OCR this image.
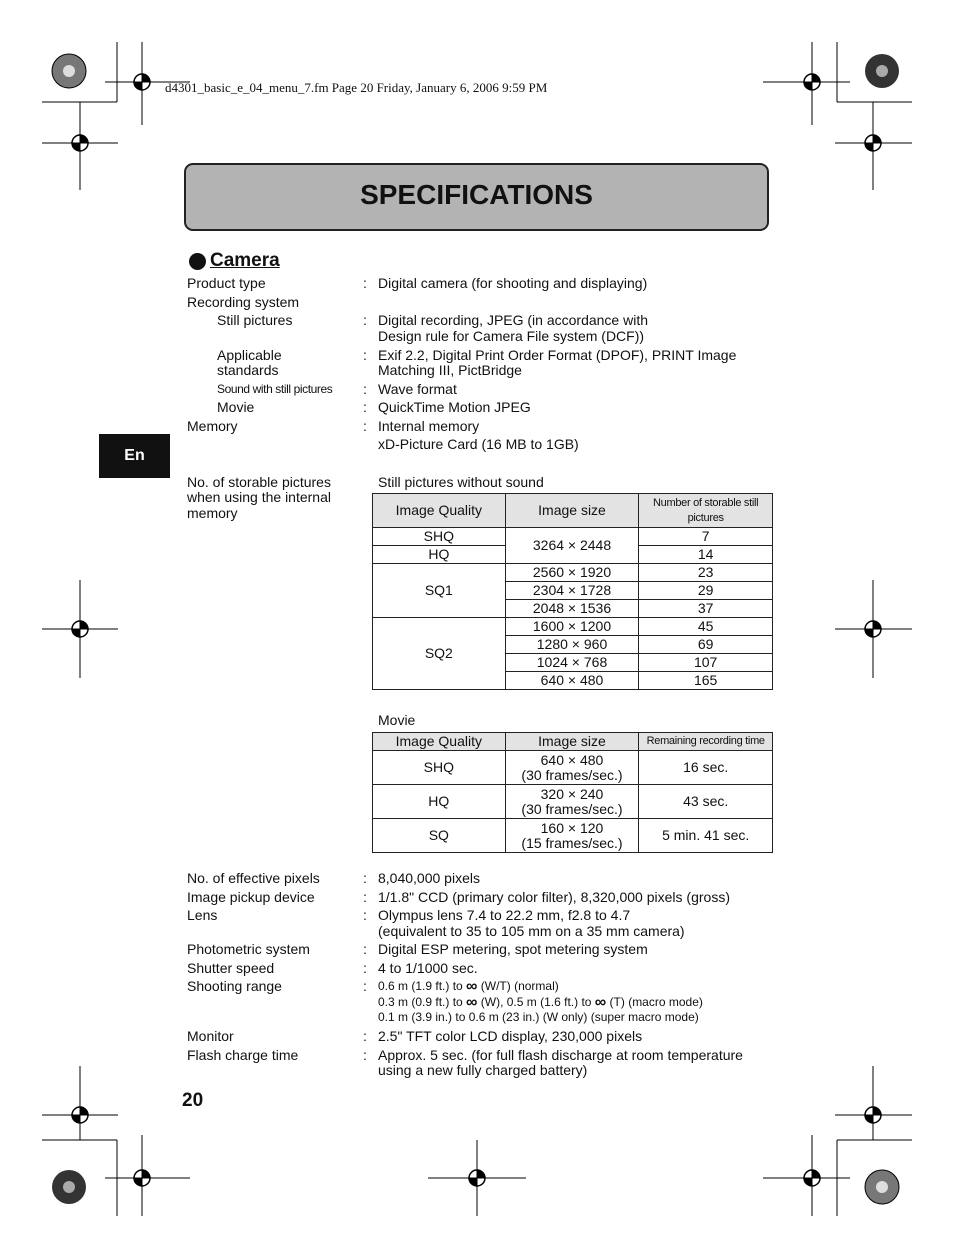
d4301_basic_e_04_menu_7.fm Page 20 Friday, January 6, 2006 9:59 PM
SPECIFICATIONS
Camera
En
Product type	: Digital camera (for shooting and displaying)
Recording system
Still pictures	: Digital recording, JPEG (in accordance with
Design rule for Camera File system (DCF))
Applicable
standards
: Exif 2.2, Digital Print Order Format (DPOF), PRINT Image
Matching III, PictBridge
Sound with still pictures : Wave format
Movie	: QuickTime Motion JPEG
Memory	: Internal memory
xD-Picture Card (16 MB to 1GB)
No. of storable pictures
when using the internal
memory
Still pictures without sound
Image Quality	Image size	Number of storable still pictures
SHQ	3264 × 2448	7
HQ		14
SQ1	2560 × 1920	23
	2304 × 1728	29
	2048 × 1536	37
SQ2	1600 × 1200	45
	1280 × 960	69
	1024 × 768	107
	640 × 480	165
Movie
Image Quality	Image size	Remaining recording time
SHQ	640 × 480
(30 frames/sec.)	16 sec.
HQ	320 × 240
(30 frames/sec.)	43 sec.
SQ	160 × 120
(15 frames/sec.)	5 min. 41 sec.
No. of effective pixels	: 8,040,000 pixels
Image pickup device	: 1/1.8" CCD (primary color filter), 8,320,000 pixels (gross)
Lens	: Olympus lens 7.4 to 22.2 mm, f2.8 to 4.7
(equivalent to 35 to 105 mm on a 35 mm camera)
Photometric system	: Digital ESP metering, spot metering system
Shutter speed	: 4 to 1/1000 sec.
Shooting range	: 0.6 m (1.9 ft.) to ∞ (W/T) (normal)
0.3 m (0.9 ft.) to ∞ (W), 0.5 m (1.6 ft.) to ∞ (T) (macro mode)
0.1 m (3.9 in.) to 0.6 m (23 in.) (W only) (super macro mode)
Monitor	: 2.5" TFT color LCD display, 230,000 pixels
Flash charge time	: Approx. 5 sec. (for full flash discharge at room temperature
using a new fully charged battery)
20
